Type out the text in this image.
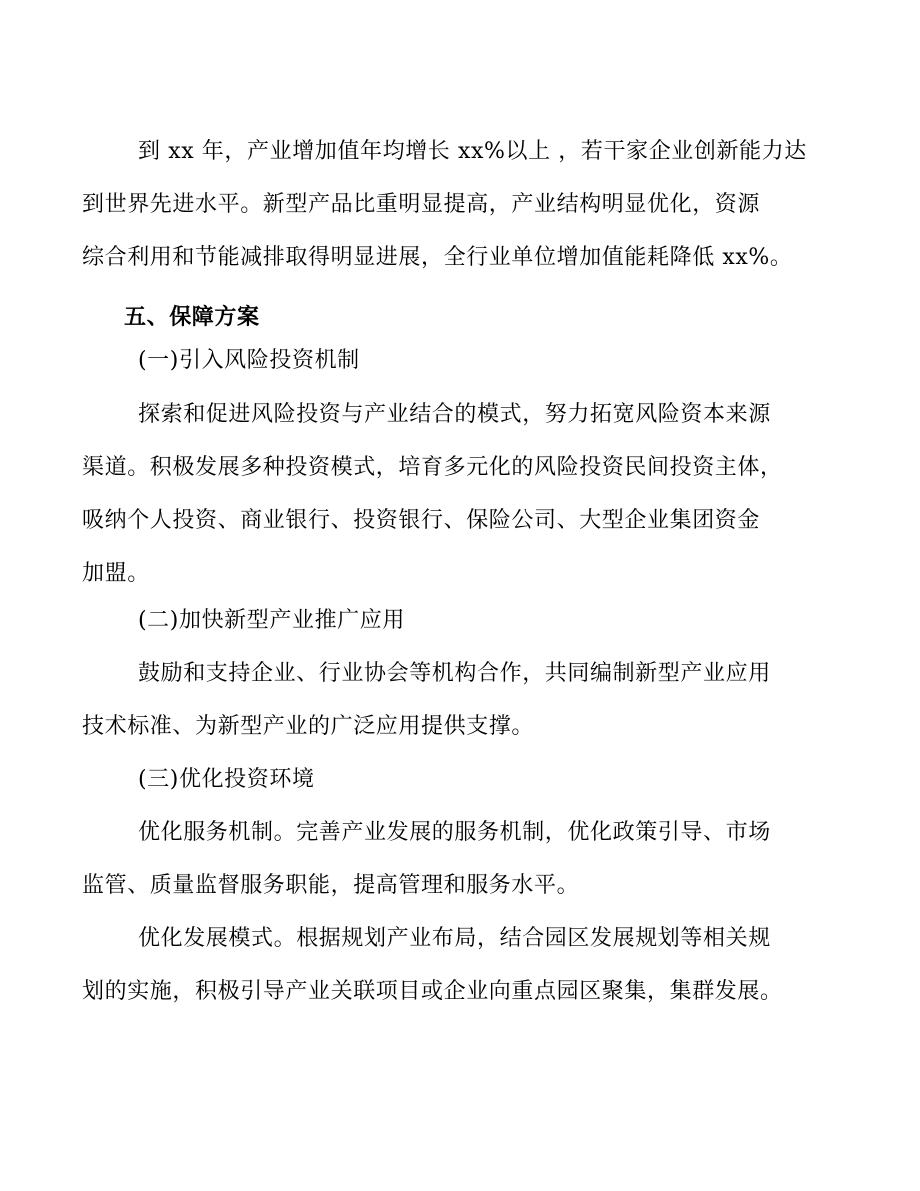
到 xx 年，产业增加值年均增长 xx%以上 ，若干家企业创新能力达
到世界先进水平。新型产品比重明显提高，产业结构明显优化，资源
综合利用和节能减排取得明显进展，全行业单位增加值能耗降低 xx%。
五、保障方案
(一)引入风险投资机制
探索和促进风险投资与产业结合的模式，努力拓宽风险资本来源
渠道。积极发展多种投资模式，培育多元化的风险投资民间投资主体，
吸纳个人投资、商业银行、投资银行、保险公司、大型企业集团资金
加盟。
(二)加快新型产业推广应用
鼓励和支持企业、行业协会等机构合作，共同编制新型产业应用
技术标准、为新型产业的广泛应用提供支撑。
(三)优化投资环境
优化服务机制。完善产业发展的服务机制，优化政策引导、市场
监管、质量监督服务职能，提高管理和服务水平。
优化发展模式。根据规划产业布局，结合园区发展规划等相关规
划的实施，积极引导产业关联项目或企业向重点园区聚集，集群发展。
